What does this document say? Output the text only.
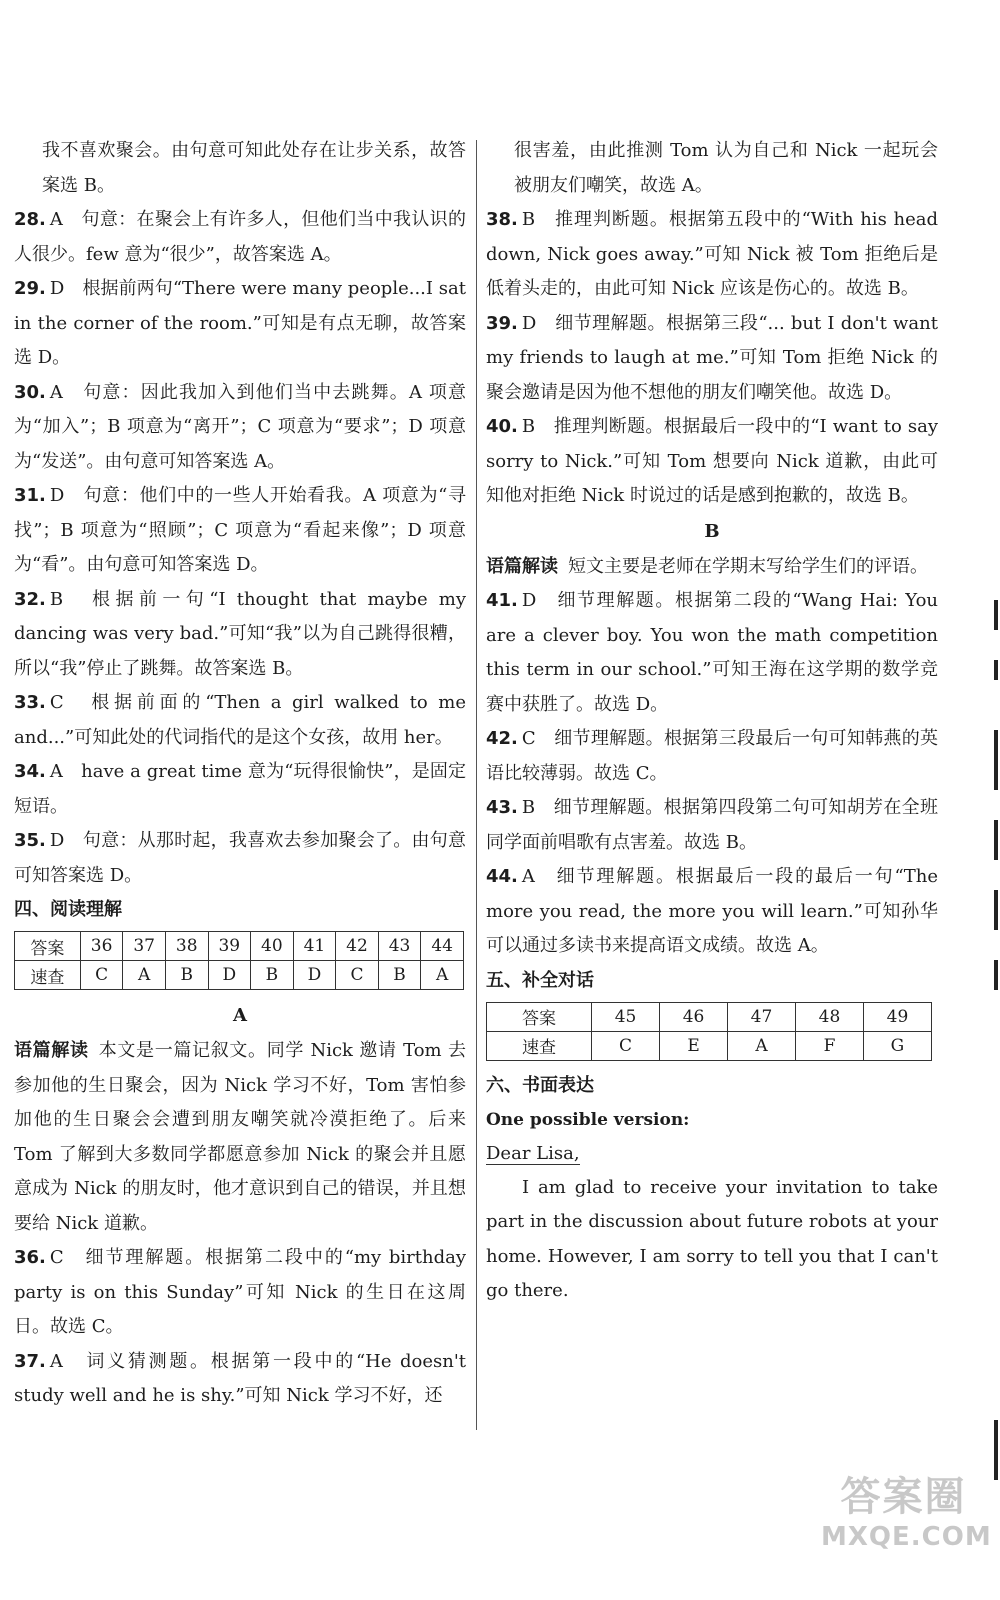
我不喜欢聚会。由句意可知此处存在让步关系，故答案选 B。

28. A　句意：在聚会上有许多人，但他们当中我认识的人很少。few 意为“很少”，故答案选 A。

29. D　根据前两句“There were many people...I sat in the corner of the room.”可知是有点无聊，故答案选 D。

30. A　句意：因此我加入到他们当中去跳舞。A 项意为“加入”；B 项意为“离开”；C 项意为“要求”；D 项意为“发送”。由句意可知答案选 A。

31. D　句意：他们中的一些人开始看我。A 项意为“寻找”；B 项意为“照顾”；C 项意为“看起来像”；D 项意为“看”。由句意可知答案选 D。

32. B　根据前一句“I thought that maybe my dancing was very bad.”可知“我”以为自己跳得很糟，所以“我”停止了跳舞。故答案选 B。

33. C　根据前面的“Then a girl walked to me and...”可知此处的代词指代的是这个女孩，故用 her。

34. A　have a great time 意为“玩得很愉快”，是固定短语。

35. D　句意：从那时起，我喜欢去参加聚会了。由句意可知答案选 D。

四、阅读理解

答案	36	37	38	39	40	41	42	43	44
速查	C	A	B	D	B	D	C	B	A

A

语篇解读 本文是一篇记叙文。同学 Nick 邀请 Tom 去参加他的生日聚会，因为 Nick 学习不好，Tom 害怕参加他的生日聚会会遭到朋友嘲笑就冷漠拒绝了。后来 Tom 了解到大多数同学都愿意参加 Nick 的聚会并且愿意成为 Nick 的朋友时，他才意识到自己的错误，并且想要给 Nick 道歉。

36. C　细节理解题。根据第二段中的“my birthday party is on this Sunday”可知 Nick 的生日在这周日。故选 C。

37. A　词义猜测题。根据第一段中的“He doesn't study well and he is shy.”可知 Nick 学习不好，还

很害羞，由此推测 Tom 认为自己和 Nick 一起玩会被朋友们嘲笑，故选 A。

38. B　推理判断题。根据第五段中的“With his head down, Nick goes away.”可知 Nick 被 Tom 拒绝后是低着头走的，由此可知 Nick 应该是伤心的。故选 B。

39. D　细节理解题。根据第三段“... but I don't want my friends to laugh at me.”可知 Tom 拒绝 Nick 的聚会邀请是因为他不想他的朋友们嘲笑他。故选 D。

40. B　推理判断题。根据最后一段中的“I want to say sorry to Nick.”可知 Tom 想要向 Nick 道歉，由此可知他对拒绝 Nick 时说过的话是感到抱歉的，故选 B。

B

语篇解读 短文主要是老师在学期末写给学生们的评语。

41. D　细节理解题。根据第二段的“Wang Hai: You are a clever boy. You won the math competition this term in our school.”可知王海在这学期的数学竞赛中获胜了。故选 D。

42. C　细节理解题。根据第三段最后一句可知韩燕的英语比较薄弱。故选 C。

43. B　细节理解题。根据第四段第二句可知胡芳在全班同学面前唱歌有点害羞。故选 B。

44. A　细节理解题。根据最后一段的最后一句“The more you read, the more you will learn.”可知孙华可以通过多读书来提高语文成绩。故选 A。

五、补全对话

答案	45	46	47	48	49
速查	C	E	A	F	G

六、书面表达

One possible version:

Dear Lisa,

I am glad to receive your invitation to take part in the discussion about future robots at your home. However, I am sorry to tell you that I can't go there.

答案圈
MXQE.COM
